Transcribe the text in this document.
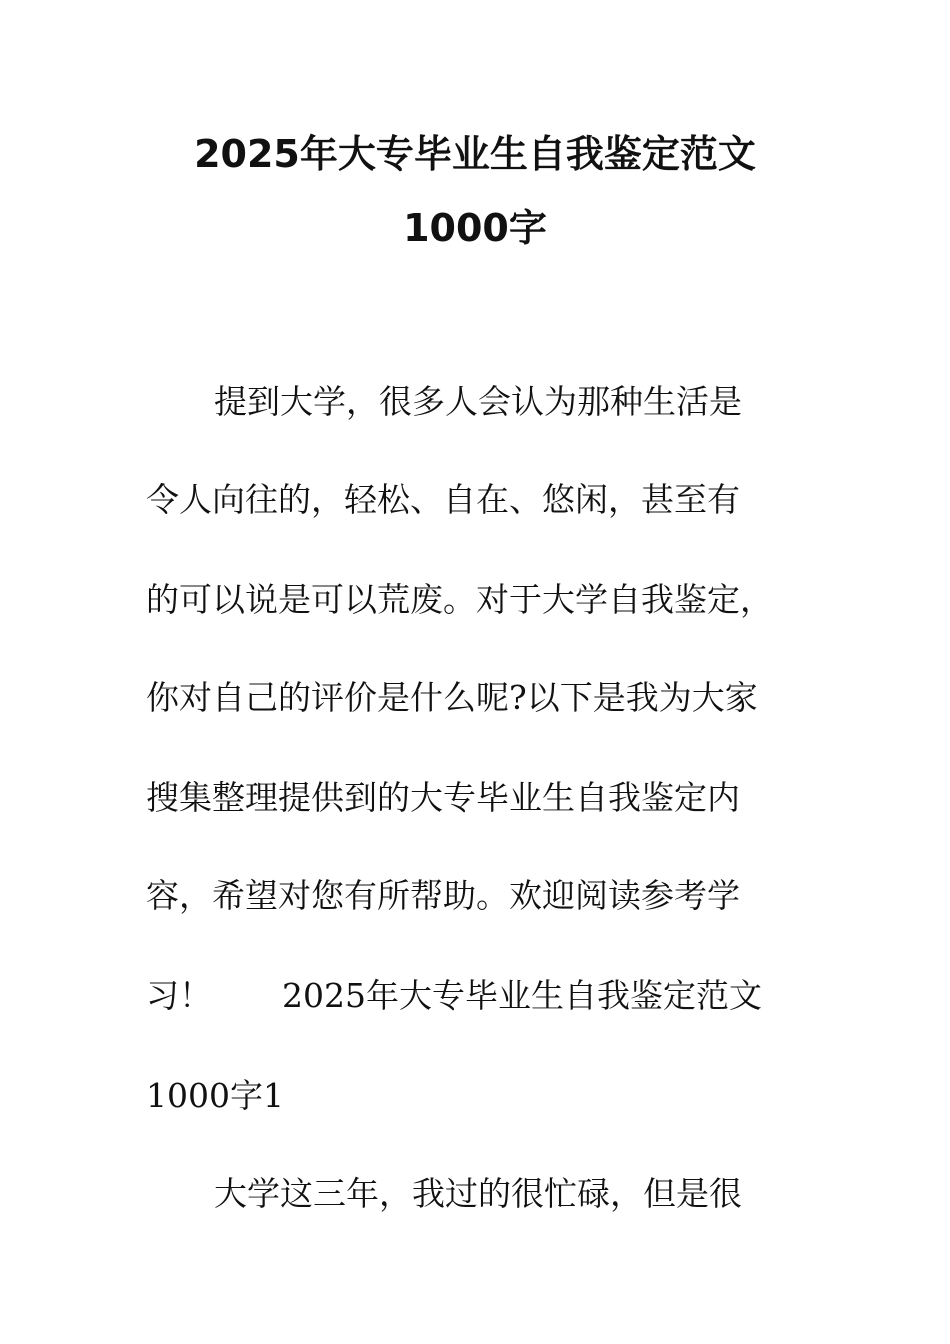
2025年大专毕业生自我鉴定范文
1000字
提到大学，很多人会认为那种生活是
令人向往的，轻松、自在、悠闲，甚至有
的可以说是可以荒废。对于大学自我鉴定，
你对自己的评价是什么呢?以下是我为大家
搜集整理提供到的大专毕业生自我鉴定内
容，希望对您有所帮助。欢迎阅读参考学
习！ 2025年大专毕业生自我鉴定范文
1000字1
大学这三年，我过的很忙碌，但是很
